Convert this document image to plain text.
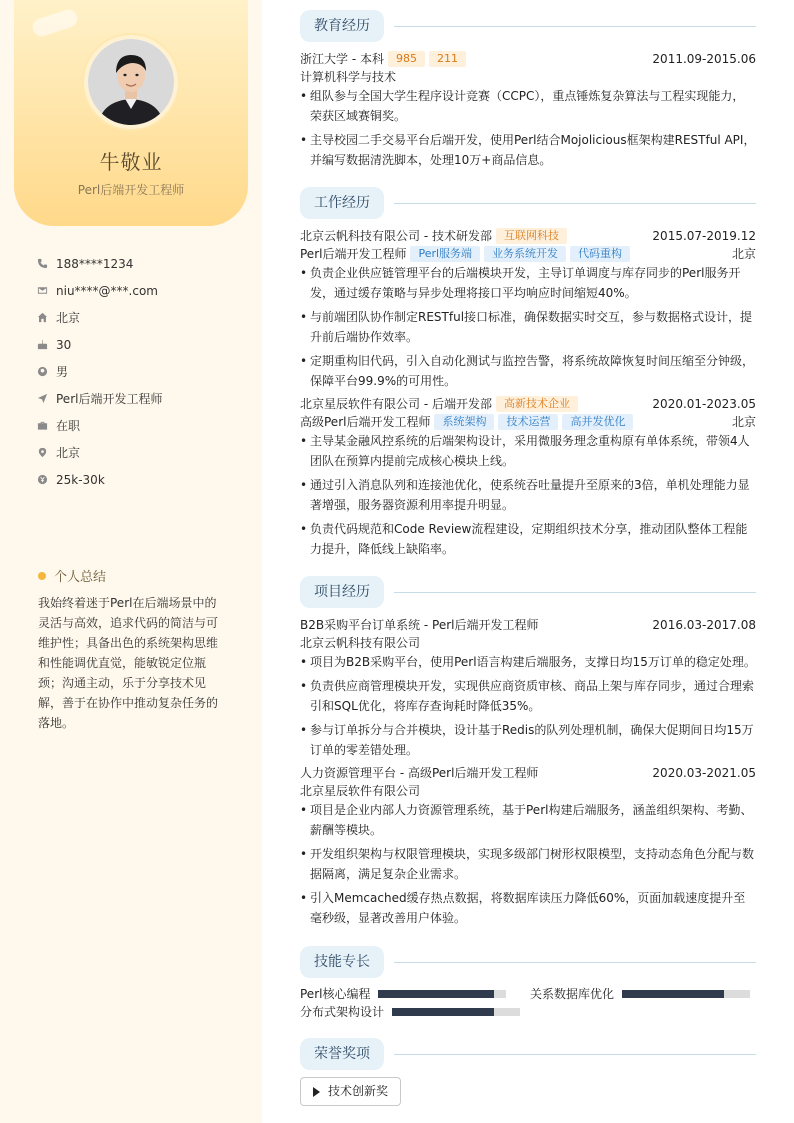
牛敬业
Perl后端开发工程师
188****1234
niu****@***.com
北京
30
男
Perl后端开发工程师
在职
北京
25k-30k
个人总结
我始终着迷于Perl在后端场景中的灵活与高效，追求代码的简洁与可维护性；具备出色的系统架构思维和性能调优直觉，能敏锐定位瓶颈；沟通主动，乐于分享技术见解，善于在协作中推动复杂任务的落地。
教育经历
浙江大学 - 本科 985 211	2011.09-2015.06
计算机科学与技术
• 组队参与全国大学生程序设计竞赛（CCPC），重点锤炼复杂算法与工程实现能力，荣获区域赛铜奖。
• 主导校园二手交易平台后端开发，使用Perl结合Mojolicious框架构建RESTful API，并编写数据清洗脚本，处理10万+商品信息。
工作经历
北京云帆科技有限公司 - 技术研发部 互联网科技	2015.07-2019.12
Perl后端开发工程师 Perl服务端 业务系统开发 代码重构	北京
• 负责企业供应链管理平台的后端模块开发，主导订单调度与库存同步的Perl服务开发，通过缓存策略与异步处理将接口平均响应时间缩短40%。
• 与前端团队协作制定RESTful接口标准，确保数据实时交互，参与数据格式设计，提升前后端协作效率。
• 定期重构旧代码，引入自动化测试与监控告警，将系统故障恢复时间压缩至分钟级，保障平台99.9%的可用性。
北京星辰软件有限公司 - 后端开发部 高新技术企业	2020.01-2023.05
高级Perl后端开发工程师 系统架构 技术运营 高并发优化	北京
• 主导某金融风控系统的后端架构设计，采用微服务理念重构原有单体系统，带领4人团队在预算内提前完成核心模块上线。
• 通过引入消息队列和连接池优化，使系统吞吐量提升至原来的3倍，单机处理能力显著增强，服务器资源利用率提升明显。
• 负责代码规范和Code Review流程建设，定期组织技术分享，推动团队整体工程能力提升，降低线上缺陷率。
项目经历
B2B采购平台订单系统 - Perl后端开发工程师	2016.03-2017.08
北京云帆科技有限公司
• 项目为B2B采购平台，使用Perl语言构建后端服务，支撑日均15万订单的稳定处理。
• 负责供应商管理模块开发，实现供应商资质审核、商品上架与库存同步，通过合理索引和SQL优化，将库存查询耗时降低35%。
• 参与订单拆分与合并模块，设计基于Redis的队列处理机制，确保大促期间日均15万订单的零差错处理。
人力资源管理平台 - 高级Perl后端开发工程师	2020.03-2021.05
北京星辰软件有限公司
• 项目是企业内部人力资源管理系统，基于Perl构建后端服务，涵盖组织架构、考勤、薪酬等模块。
• 开发组织架构与权限管理模块，实现多级部门树形权限模型，支持动态角色分配与数据隔离，满足复杂企业需求。
• 引入Memcached缓存热点数据，将数据库读压力降低60%，页面加载速度提升至毫秒级，显著改善用户体验。
技能专长
Perl核心编程	关系数据库优化
分布式架构设计
荣誉奖项
技术创新奖
